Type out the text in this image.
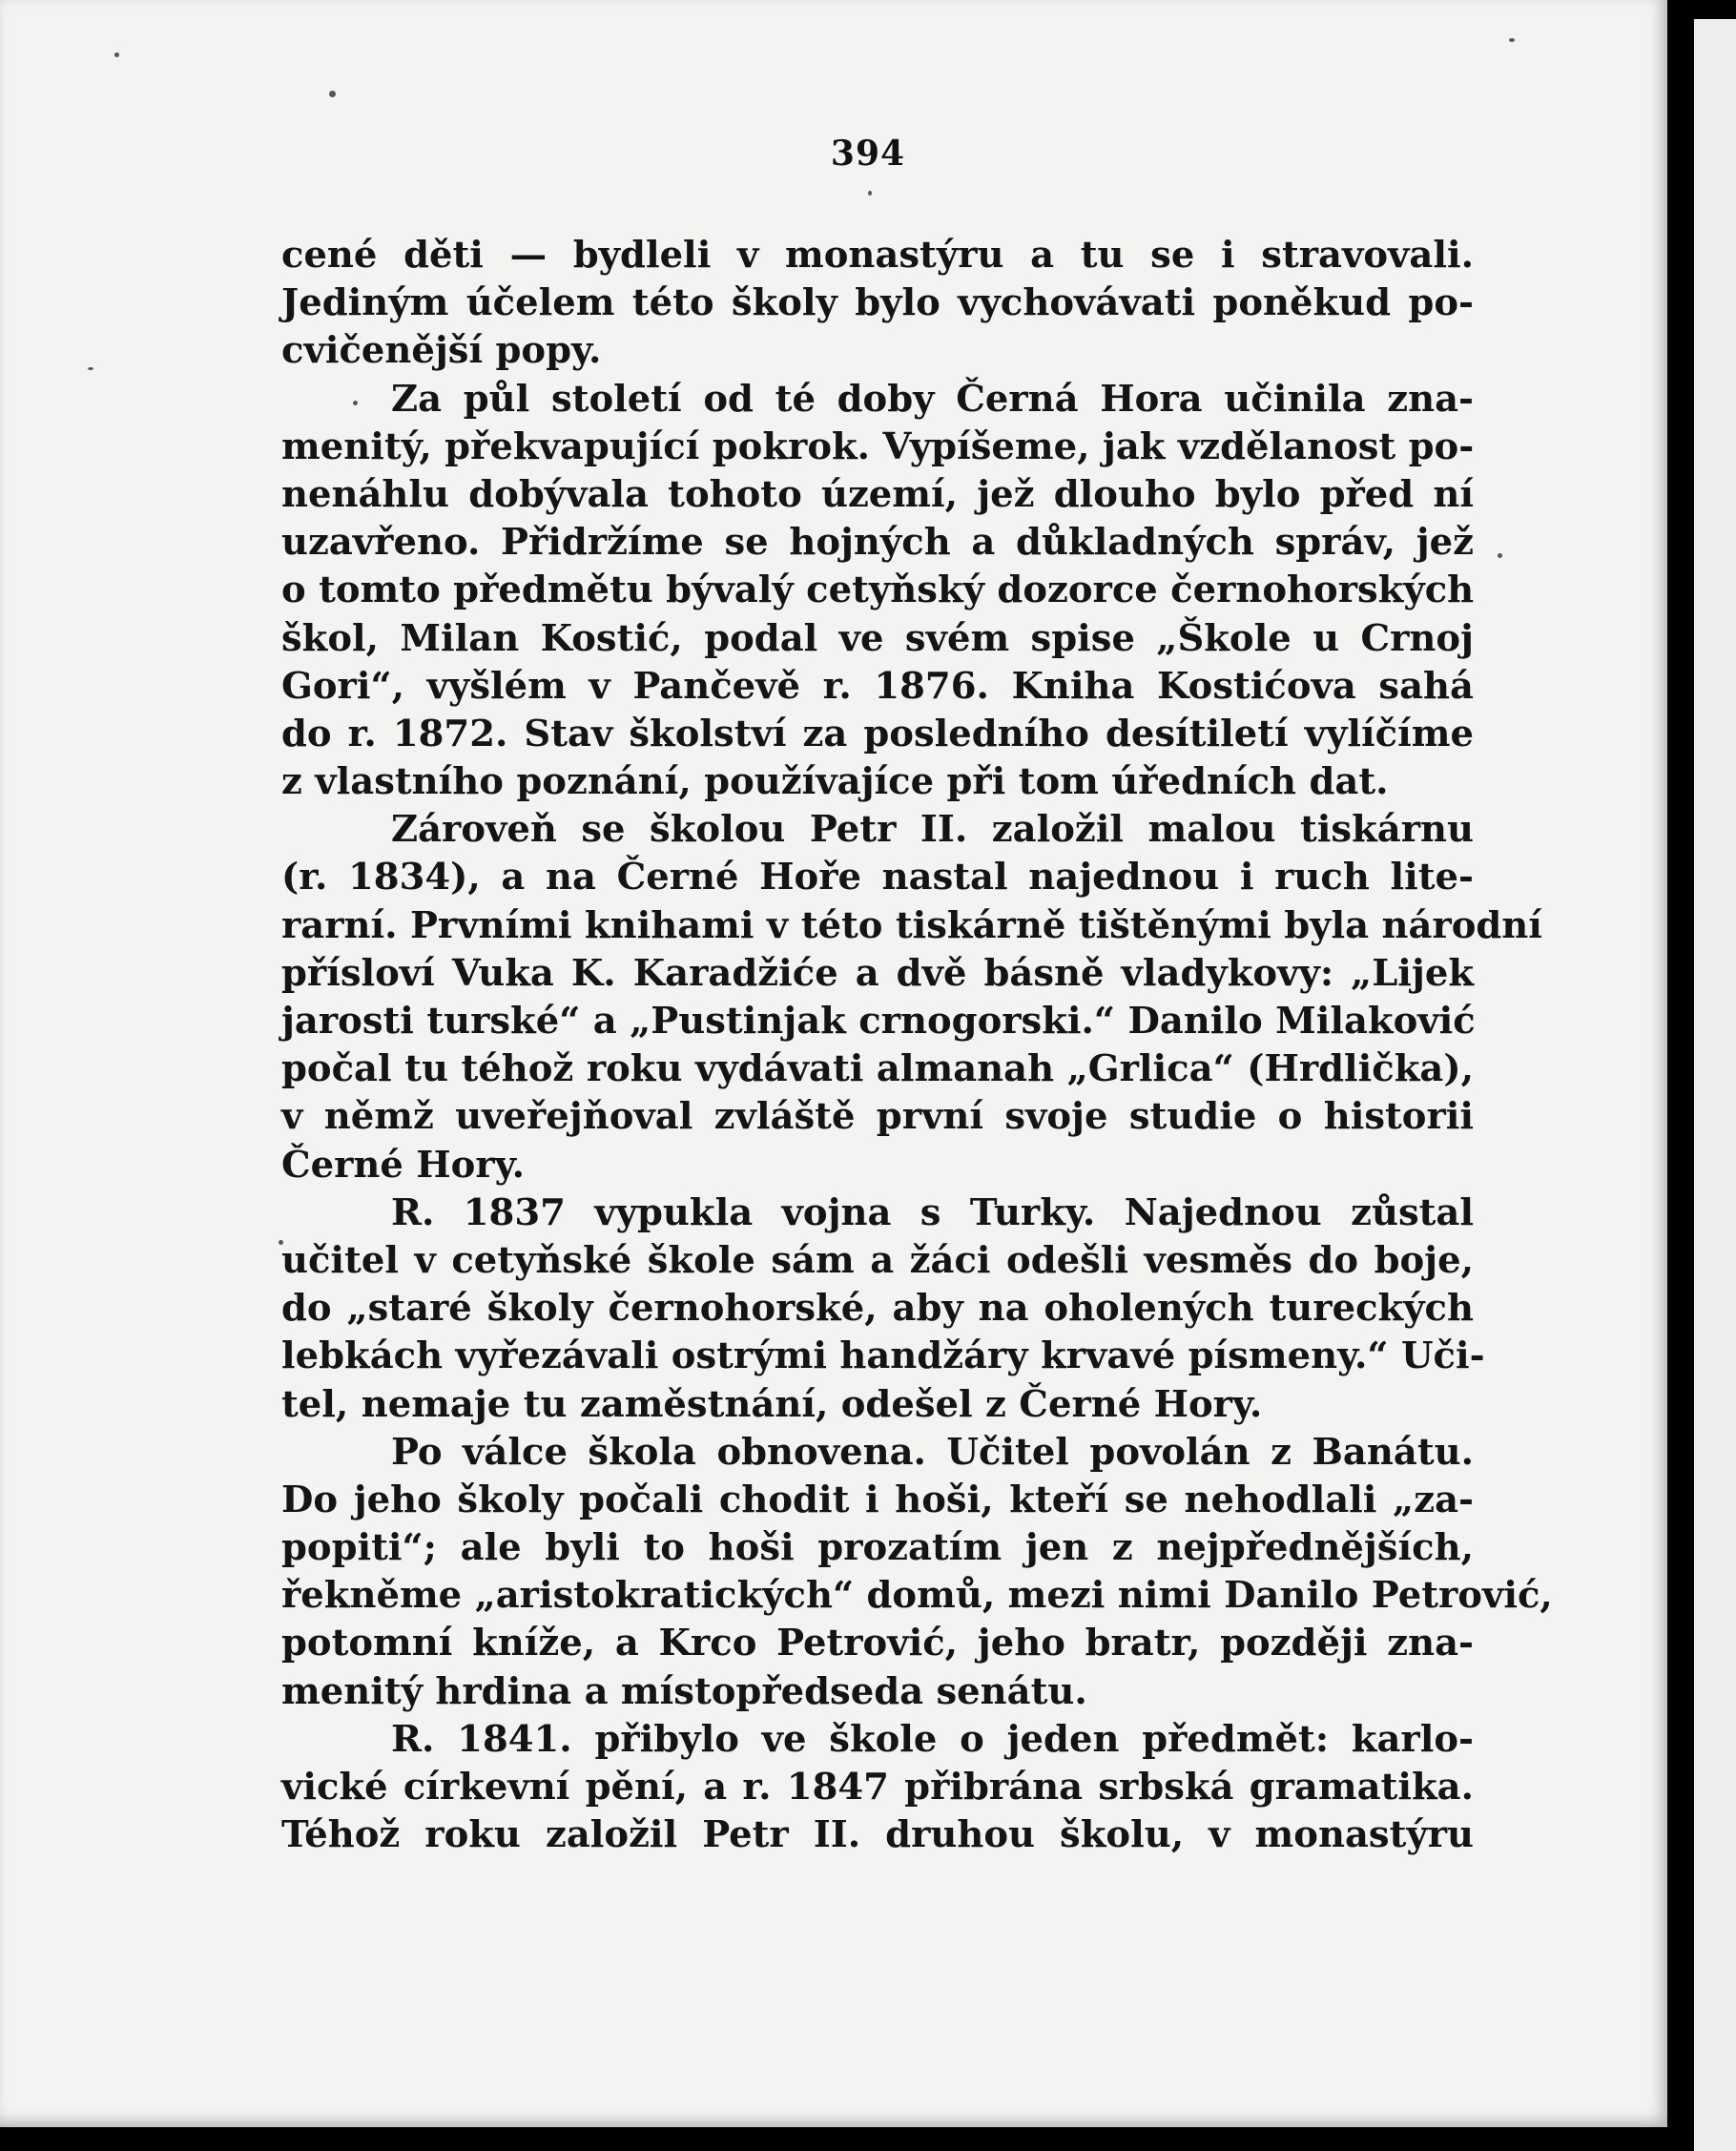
394
cené děti — bydleli v monastýru a tu se i stravovali.
Jediným účelem této školy bylo vychovávati poněkud po-
cvičenější popy.
Za půl století od té doby Černá Hora učinila zna-
menitý, překvapující pokrok. Vypíšeme, jak vzdělanost po-
nenáhlu dobývala tohoto území, jež dlouho bylo před ní
uzavřeno. Přidržíme se hojných a důkladných správ, jež
o tomto předmětu bývalý cetyňský dozorce černohorských
škol, Milan Kostić, podal ve svém spise „Škole u Crnoj
Gori“, vyšlém v Pančevě r. 1876. Kniha Kostićova sahá
do r. 1872. Stav školství za posledního desítiletí vylíčíme
z vlastního poznání, používajíce při tom úředních dat.
Zároveň se školou Petr II. založil malou tiskárnu
(r. 1834), a na Černé Hoře nastal najednou i ruch lite-
rarní. Prvními knihami v této tiskárně tištěnými byla národní
přísloví Vuka K. Karadžiće a dvě básně vladykovy: „Lijek
jarosti turské“ a „Pustinjak crnogorski.“ Danilo Milaković
počal tu téhož roku vydávati almanah „Grlica“ (Hrdlička),
v němž uveřejňoval zvláště první svoje studie o historii
Černé Hory.
R. 1837 vypukla vojna s Turky. Najednou zůstal
učitel v cetyňské škole sám a žáci odešli vesměs do boje,
do „staré školy černohorské, aby na oholených tureckých
lebkách vyřezávali ostrými handžáry krvavé písmeny.“ Uči-
tel, nemaje tu zaměstnání, odešel z Černé Hory.
Po válce škola obnovena. Učitel povolán z Banátu.
Do jeho školy počali chodit i hoši, kteří se nehodlali „za-
popiti“; ale byli to hoši prozatím jen z nejpřednějších,
řekněme „aristokratických“ domů, mezi nimi Danilo Petrović,
potomní kníže, a Krco Petrović, jeho bratr, později zna-
menitý hrdina a místopředseda senátu.
R. 1841. přibylo ve škole o jeden předmět: karlo-
vické církevní pění, a r. 1847 přibrána srbská gramatika.
Téhož roku založil Petr II. druhou školu, v monastýru
